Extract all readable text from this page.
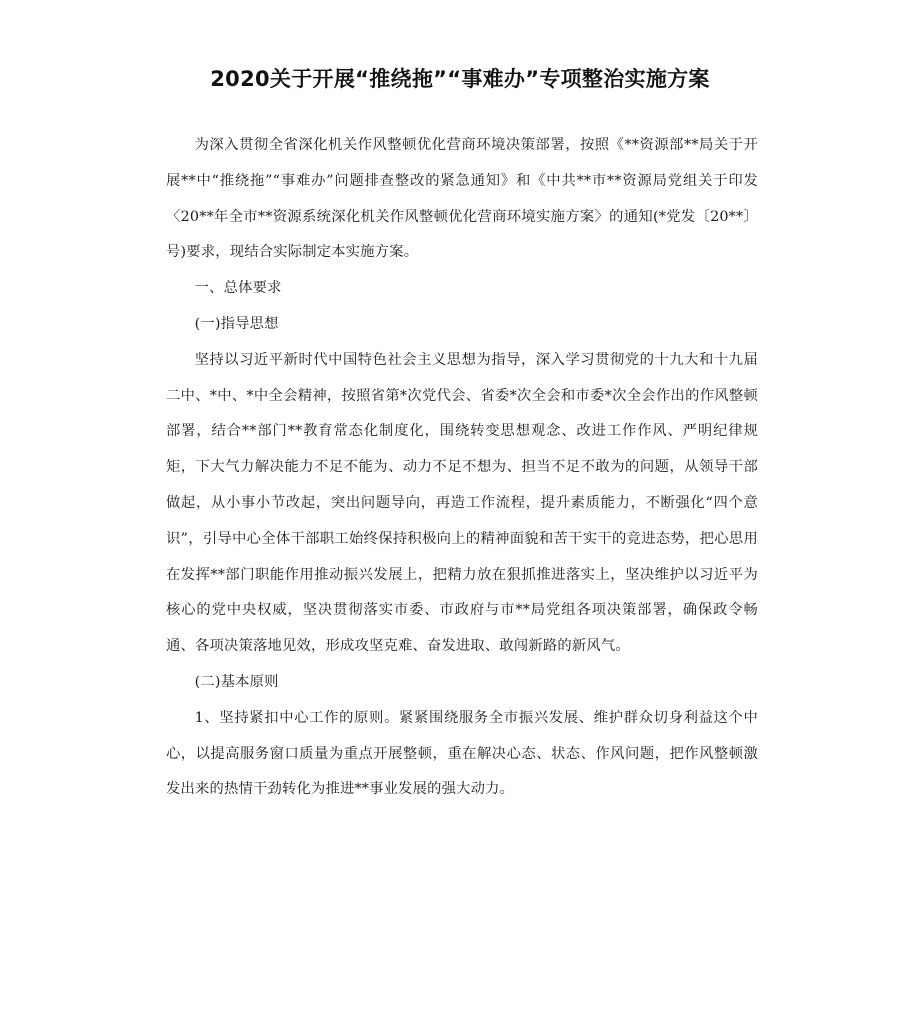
2020关于开展“推绕拖”“事难办”专项整治实施方案

为深入贯彻全省深化机关作风整顿优化营商环境决策部署，按照《**资源部**局关于开展**中“推绕拖”“事难办”问题排查整改的紧急通知》和《中共**市**资源局党组关于印发〈20**年全市**资源系统深化机关作风整顿优化营商环境实施方案〉的通知(*党发〔20**〕号)要求，现结合实际制定本实施方案。

一、总体要求

(一)指导思想

坚持以习近平新时代中国特色社会主义思想为指导，深入学习贯彻党的十九大和十九届二中、*中、*中全会精神，按照省第*次党代会、省委*次全会和市委*次全会作出的作风整顿部署，结合**部门**教育常态化制度化，围绕转变思想观念、改进工作作风、严明纪律规矩，下大气力解决能力不足不能为、动力不足不想为、担当不足不敢为的问题，从领导干部做起，从小事小节改起，突出问题导向，再造工作流程，提升素质能力，不断强化“四个意识”，引导中心全体干部职工始终保持积极向上的精神面貌和苦干实干的竞进态势，把心思用在发挥**部门职能作用推动振兴发展上，把精力放在狠抓推进落实上，坚决维护以习近平为核心的党中央权威，坚决贯彻落实市委、市政府与市**局党组各项决策部署，确保政令畅通、各项决策落地见效，形成攻坚克难、奋发进取、敢闯新路的新风气。

(二)基本原则

1、坚持紧扣中心工作的原则。紧紧围绕服务全市振兴发展、维护群众切身利益这个中心，以提高服务窗口质量为重点开展整顿，重在解决心态、状态、作风问题，把作风整顿激发出来的热情干劲转化为推进**事业发展的强大动力。
